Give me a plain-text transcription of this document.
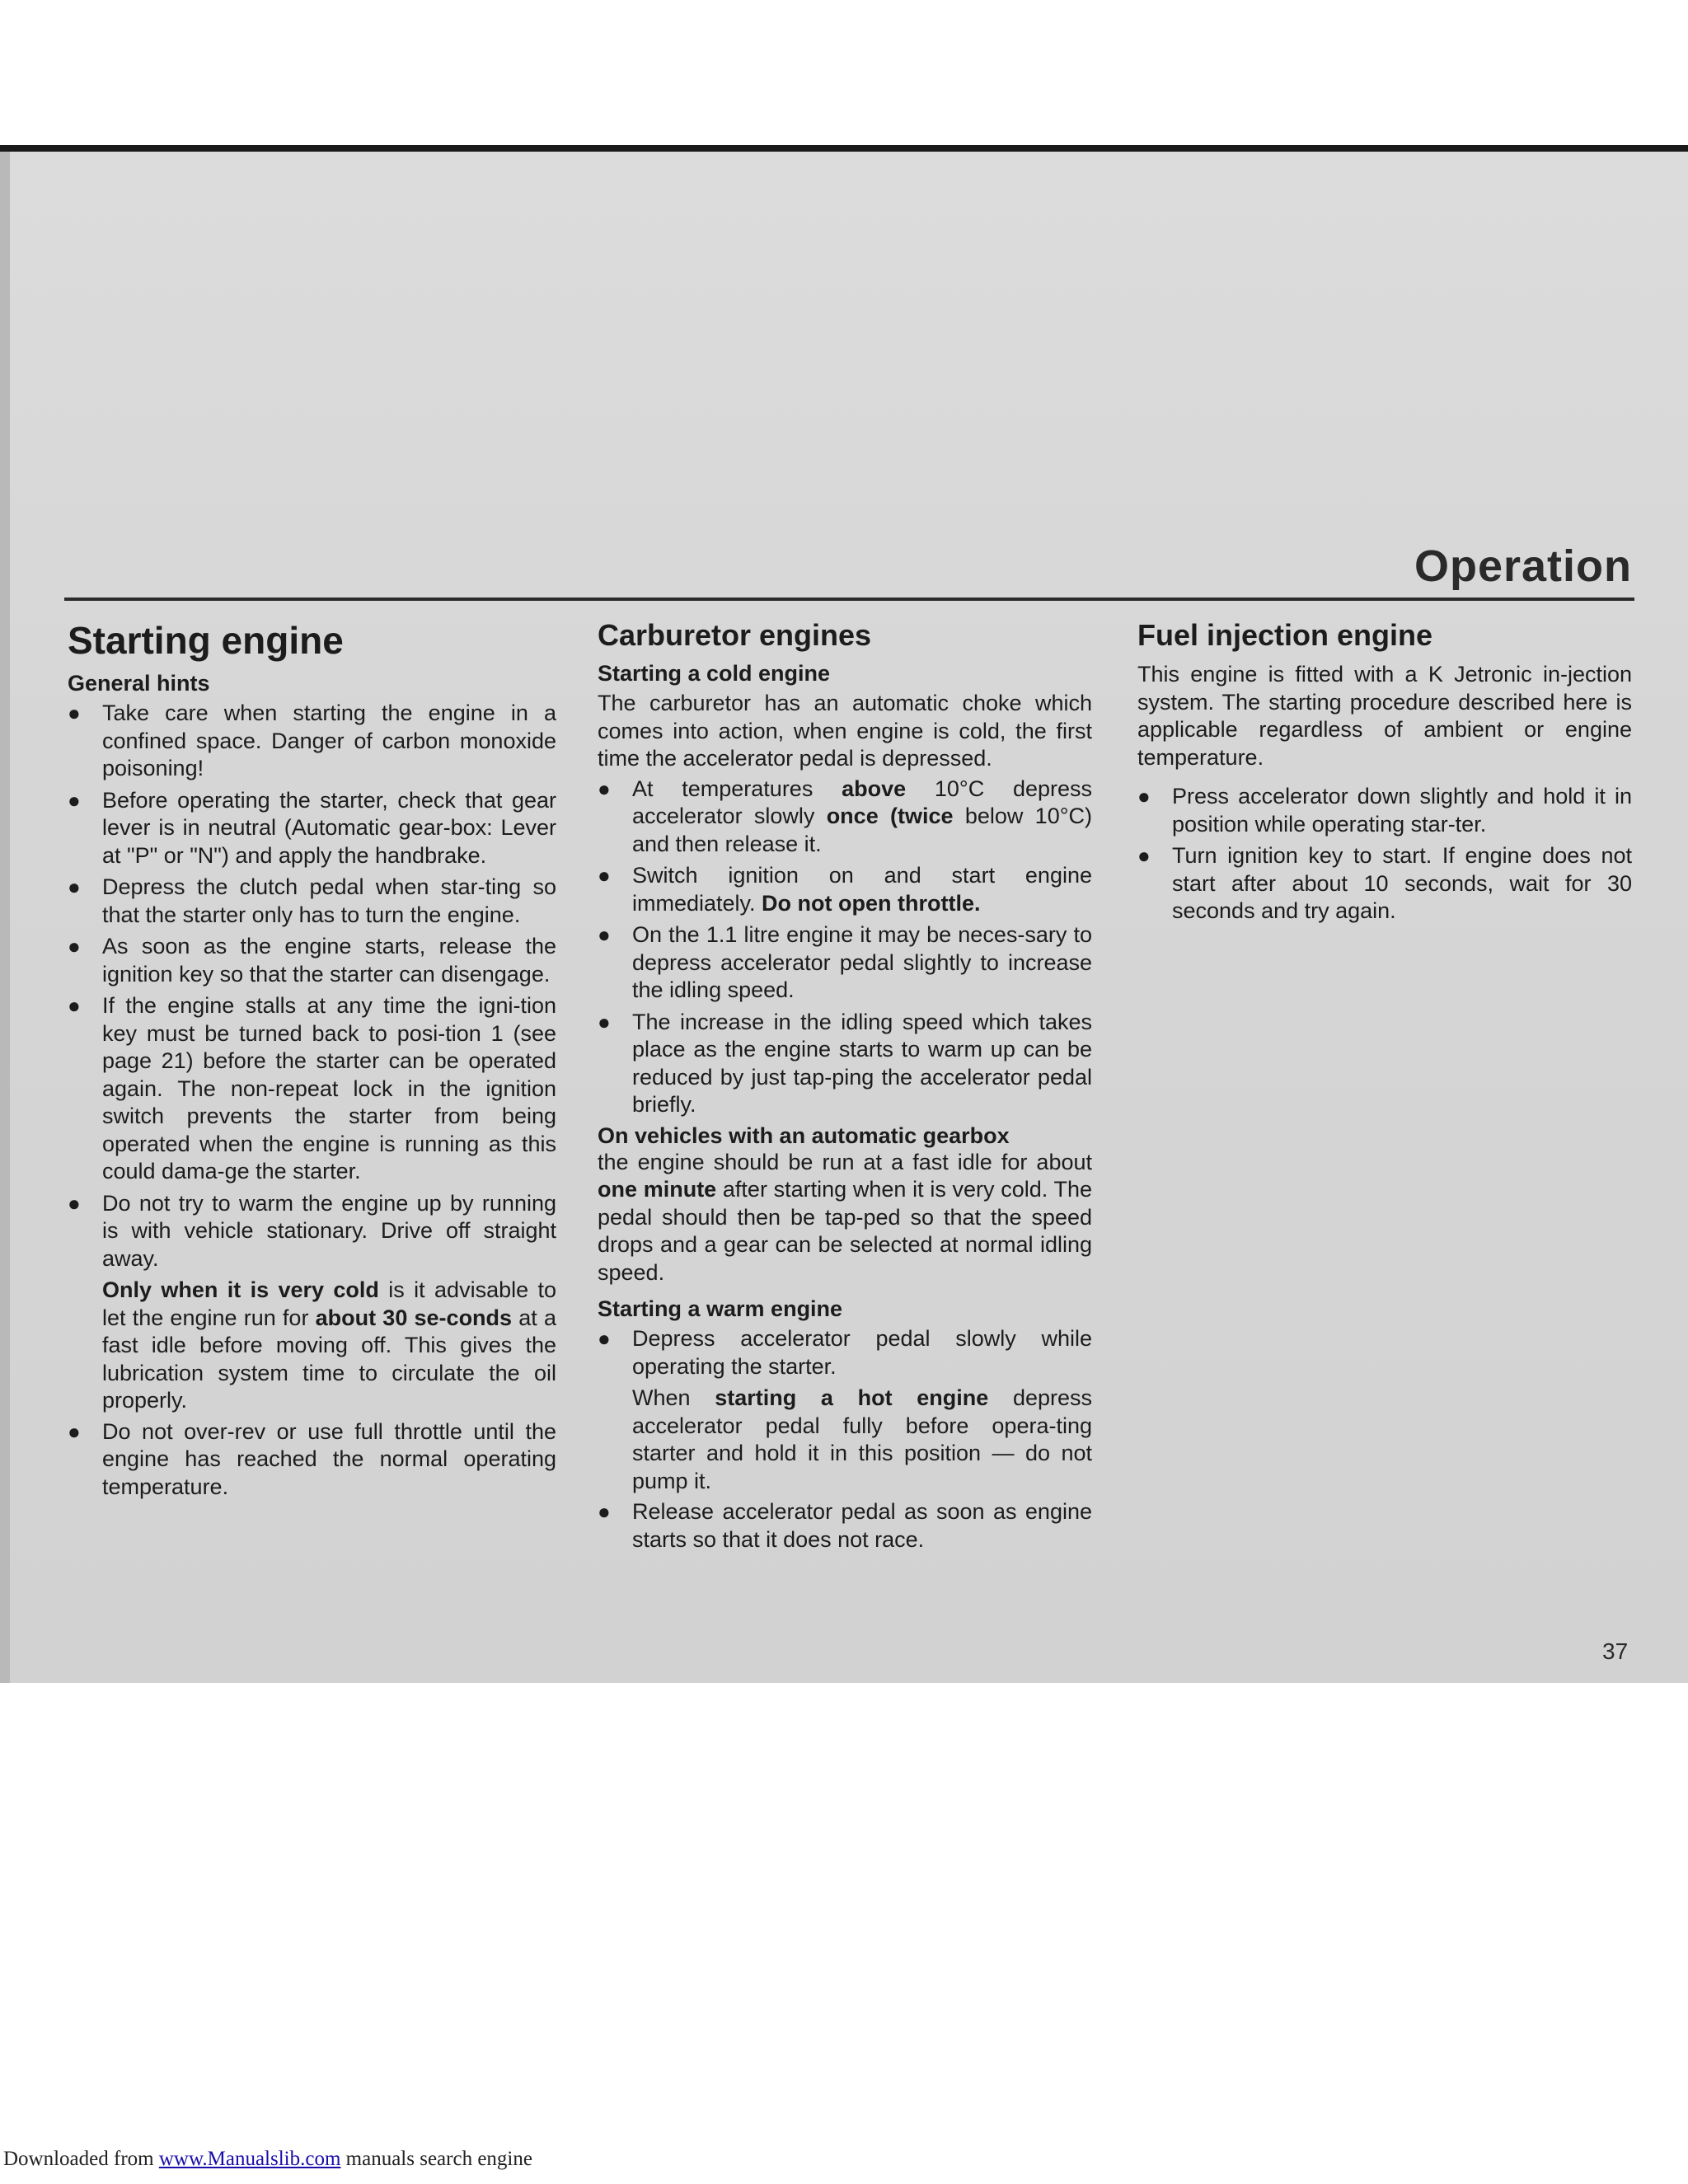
Operation
Starting engine
General hints
● Take care when starting the engine in a confined space. Danger of carbon monoxide poisoning!
● Before operating the starter, check that gear lever is in neutral (Automatic gear-box: Lever at "P" or "N") and apply the handbrake.
● Depress the clutch pedal when star-ting so that the starter only has to turn the engine.
● As soon as the engine starts, release the ignition key so that the starter can disengage.
● If the engine stalls at any time the igni-tion key must be turned back to posi-tion 1 (see page 21) before the starter can be operated again. The non-repeat lock in the ignition switch prevents the starter from being operated when the engine is running as this could dama-ge the starter.
● Do not try to warm the engine up by running is with vehicle stationary. Drive off straight away.

Only when it is very cold is it advisable to let the engine run for about 30 se-conds at a fast idle before moving off. This gives the lubrication system time to circulate the oil properly.

● Do not over-rev or use full throttle until the engine has reached the normal operating temperature.
Carburetor engines
Starting a cold engine

The carburetor has an automatic choke which comes into action, when engine is cold, the first time the accelerator pedal is depressed.

● At temperatures above 10°C depress accelerator slowly once (twice below 10°C) and then release it.
● Switch ignition on and start engine immediately. Do not open throttle.
● On the 1.1 litre engine it may be neces-sary to depress accelerator pedal slightly to increase the idling speed.
● The increase in the idling speed which takes place as the engine starts to warm up can be reduced by just tap-ping the accelerator pedal briefly.
On vehicles with an automatic gearbox

the engine should be run at a fast idle for about one minute after starting when it is very cold. The pedal should then be tap-ped so that the speed drops and a gear can be selected at normal idling speed.

Starting a warm engine
● Depress accelerator pedal slowly while operating the starter.

When starting a hot engine depress accelerator pedal fully before opera-ting starter and hold it in this position — do not pump it.

● Release accelerator pedal as soon as engine starts so that it does not race.
Fuel injection engine

This engine is fitted with a K Jetronic in-jection system. The starting procedure described here is applicable regardless of ambient or engine temperature.

● Press accelerator down slightly and hold it in position while operating star-ter.
● Turn ignition key to start. If engine does not start after about 10 seconds, wait for 30 seconds and try again.
37
Downloaded from www.Manualslib.com manuals search engine
